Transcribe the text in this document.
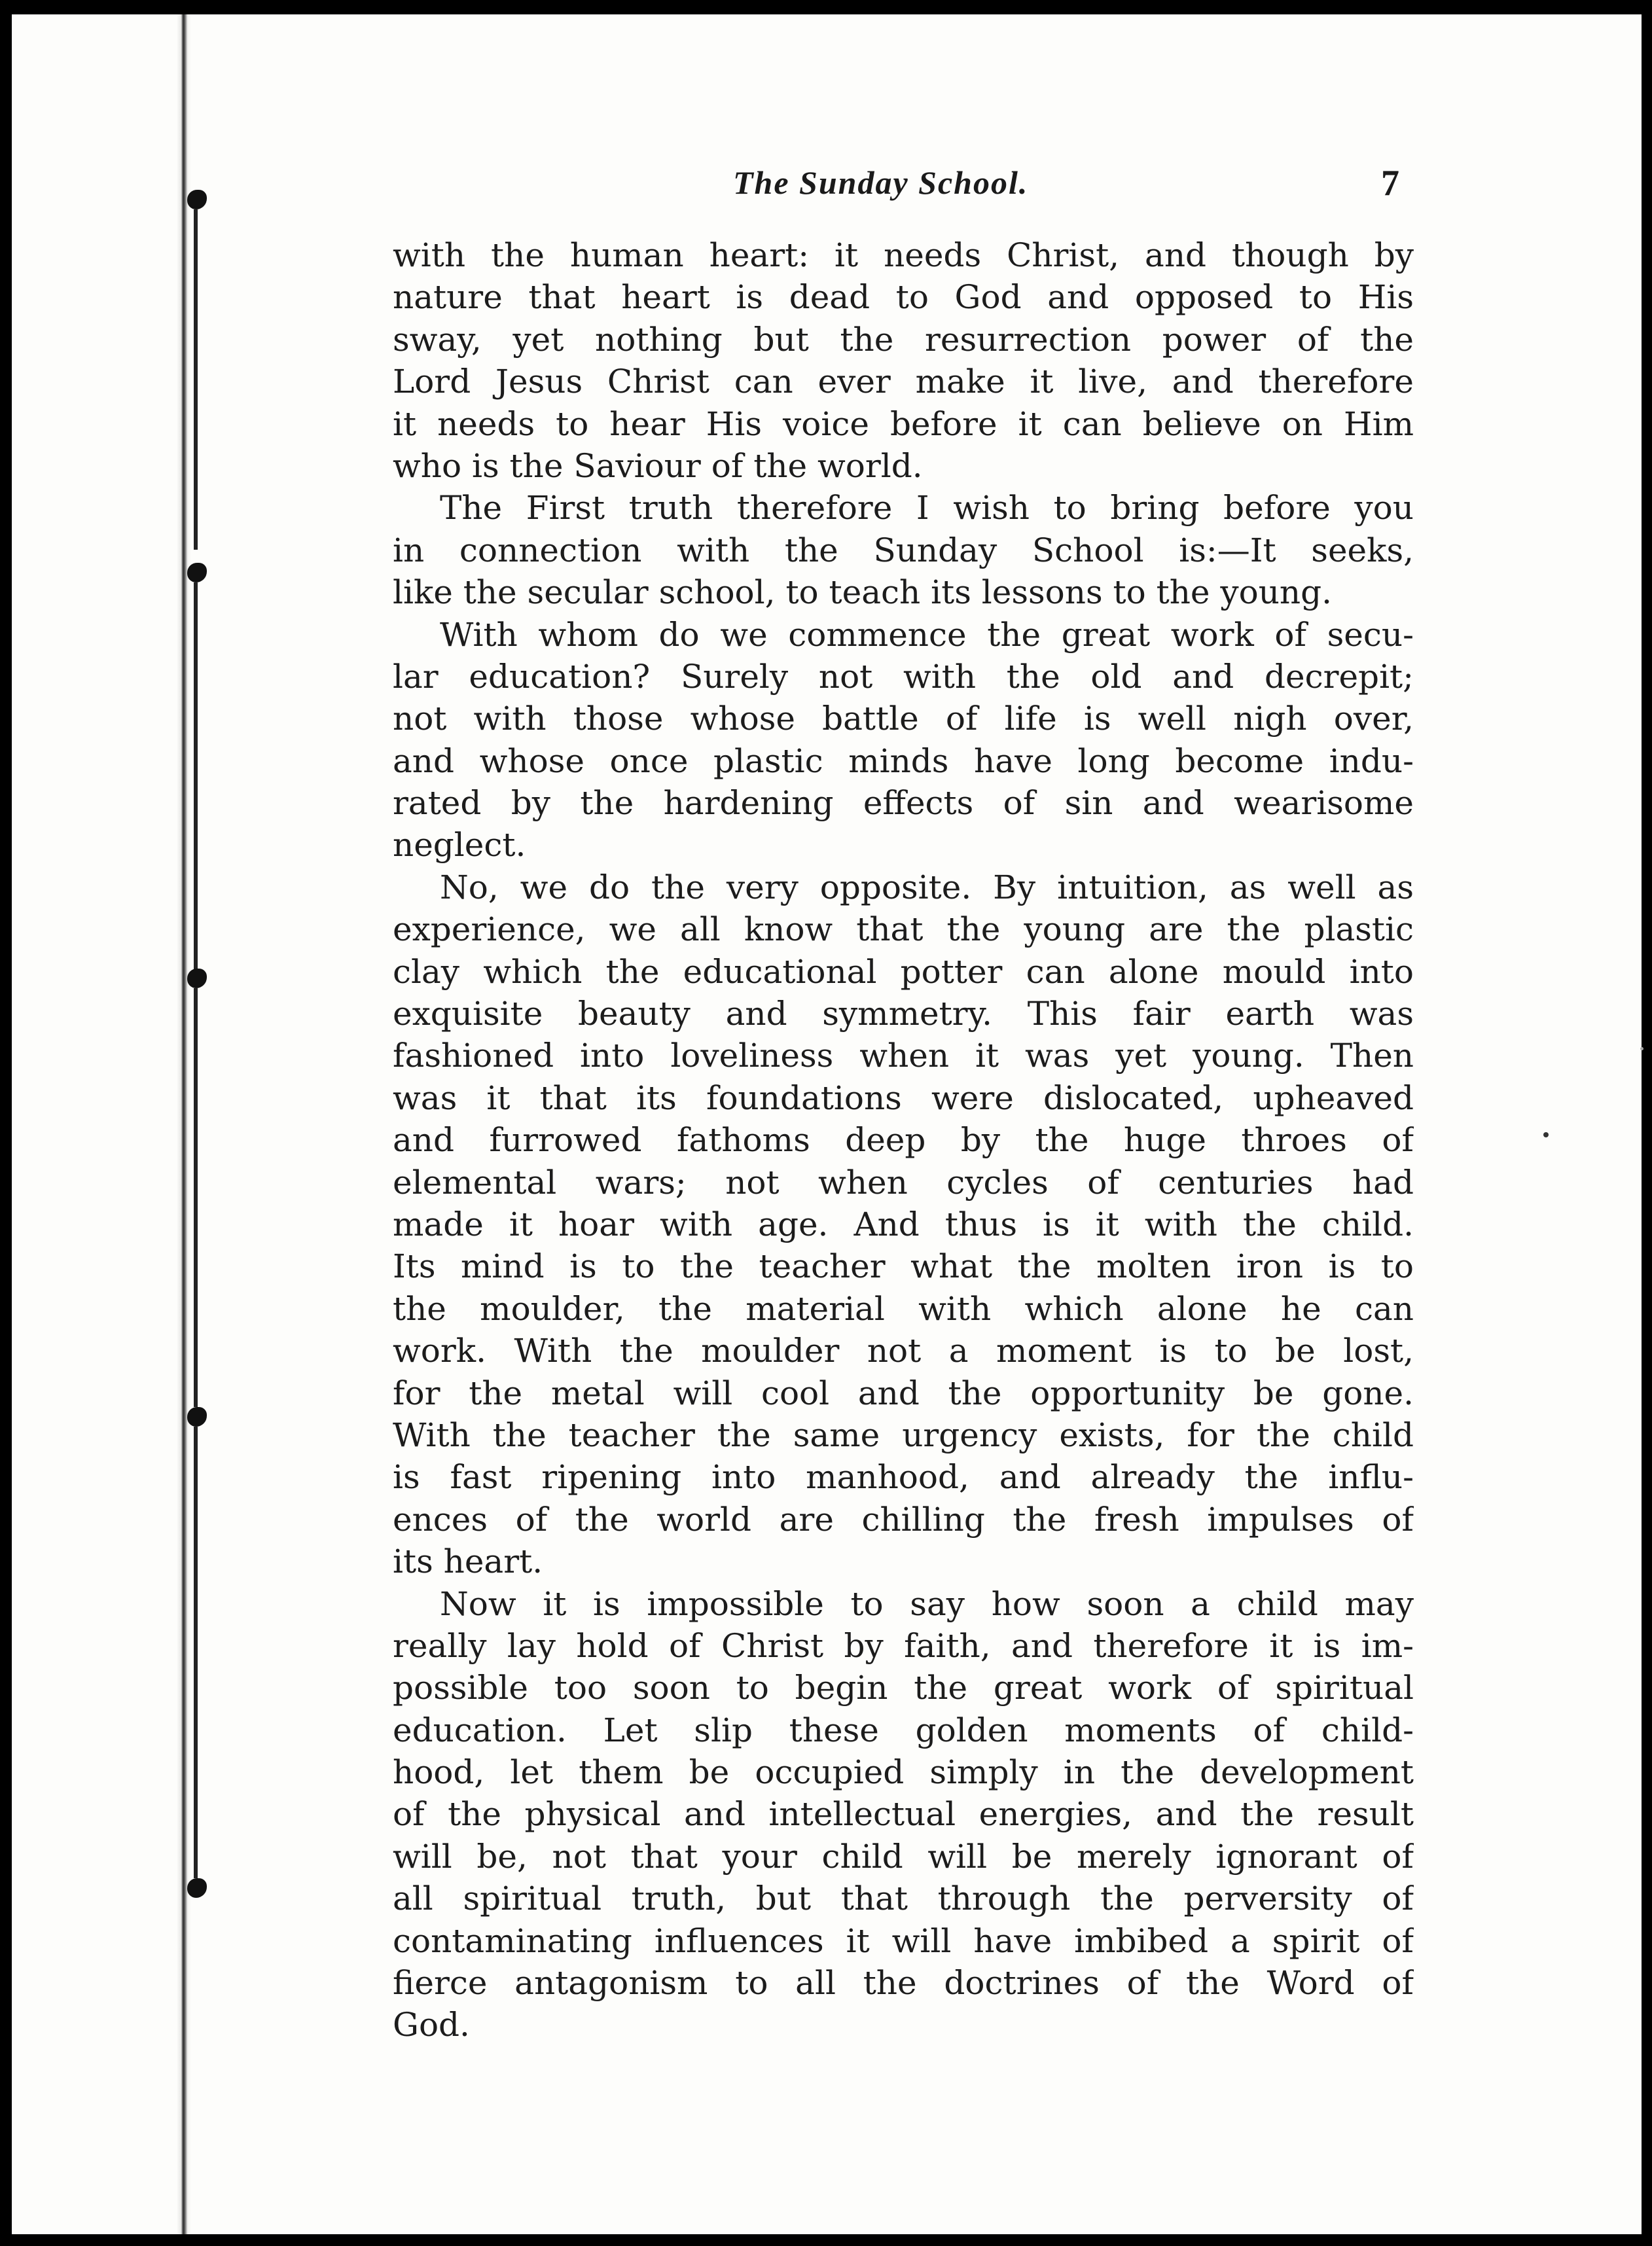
The Sunday School.	7
with the human heart: it needs Christ, and though by
nature that heart is dead to God and opposed to His
sway, yet nothing but the resurrection power of the
Lord Jesus Christ can ever make it live, and therefore
it needs to hear His voice before it can believe on Him
who is the Saviour of the world.
The First truth therefore I wish to bring before you
in connection with the Sunday School is:—It seeks,
like the secular school, to teach its lessons to the young.
With whom do we commence the great work of secu-
lar education? Surely not with the old and decrepit;
not with those whose battle of life is well nigh over,
and whose once plastic minds have long become indu-
rated by the hardening effects of sin and wearisome
neglect.
No, we do the very opposite. By intuition, as well as
experience, we all know that the young are the plastic
clay which the educational potter can alone mould into
exquisite beauty and symmetry. This fair earth was
fashioned into loveliness when it was yet young. Then
was it that its foundations were dislocated, upheaved
and furrowed fathoms deep by the huge throes of
elemental wars; not when cycles of centuries had
made it hoar with age. And thus is it with the child.
Its mind is to the teacher what the molten iron is to
the moulder, the material with which alone he can
work. With the moulder not a moment is to be lost,
for the metal will cool and the opportunity be gone.
With the teacher the same urgency exists, for the child
is fast ripening into manhood, and already the influ-
ences of the world are chilling the fresh impulses of
its heart.
Now it is impossible to say how soon a child may
really lay hold of Christ by faith, and therefore it is im-
possible too soon to begin the great work of spiritual
education. Let slip these golden moments of child-
hood, let them be occupied simply in the development
of the physical and intellectual energies, and the result
will be, not that your child will be merely ignorant of
all spiritual truth, but that through the perversity of
contaminating influences it will have imbibed a spirit of
fierce antagonism to all the doctrines of the Word of
God.
